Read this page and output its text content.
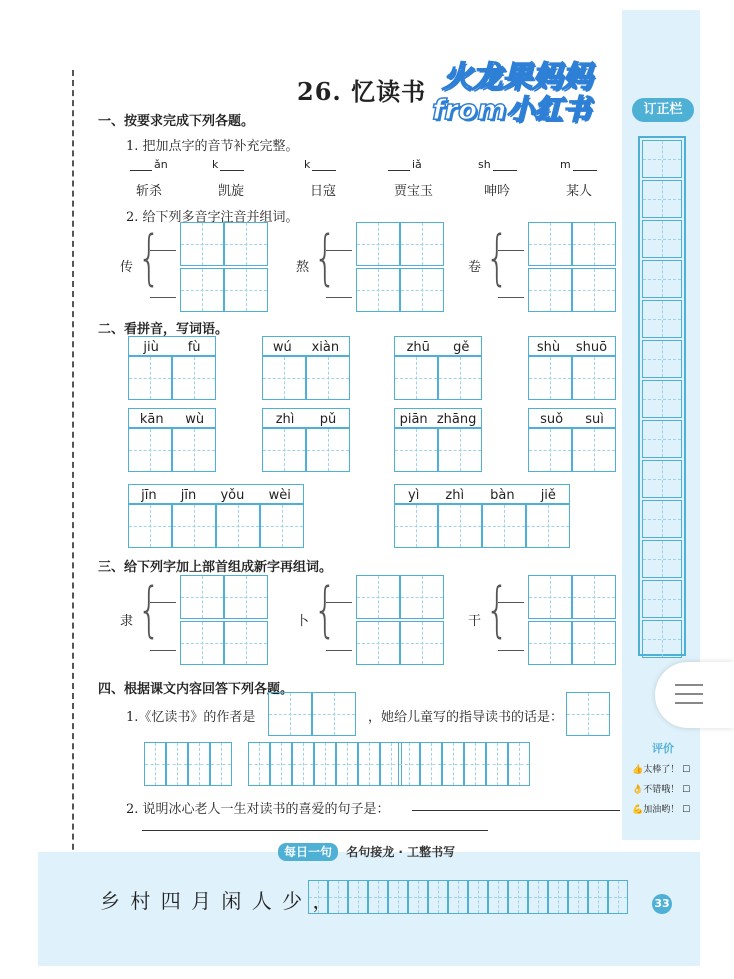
订正栏
评价
👍太棒了！ ☐
👌不错哦！ ☐
💪加油哟！ ☐
26. 忆读书 火龙果妈妈
from小红书
一、按要求完成下列各题。
1. 把加点字的音节补充完整。
ǎn	k	k	iǎ	sh	m
斩杀	凯旋	日寇	贾宝玉	呻吟	某人
2. 给下列多音字注音并组词。
传 {	熬 {	卷 {
二、看拼音，写词语。
jiù fù	wú xiàn	zhū gě	shù shuō
kān wù	zhì pǔ	piān zhāng	suǒ suì
jīn jīn yǒu wèi	yì zhì bàn jiě
三、给下列字加上部首组成新字再组词。
隶 {	卜 {	干 {
四、根据课文内容回答下列各题。
1.《忆读书》的作者是	，她给儿童写的指导读书的话是：
2. 说明冰心老人一生对读书的喜爱的句子是：
每日一句 名句接龙 · 工整书写
乡 村 四 月 闲 人 少 ，	33
